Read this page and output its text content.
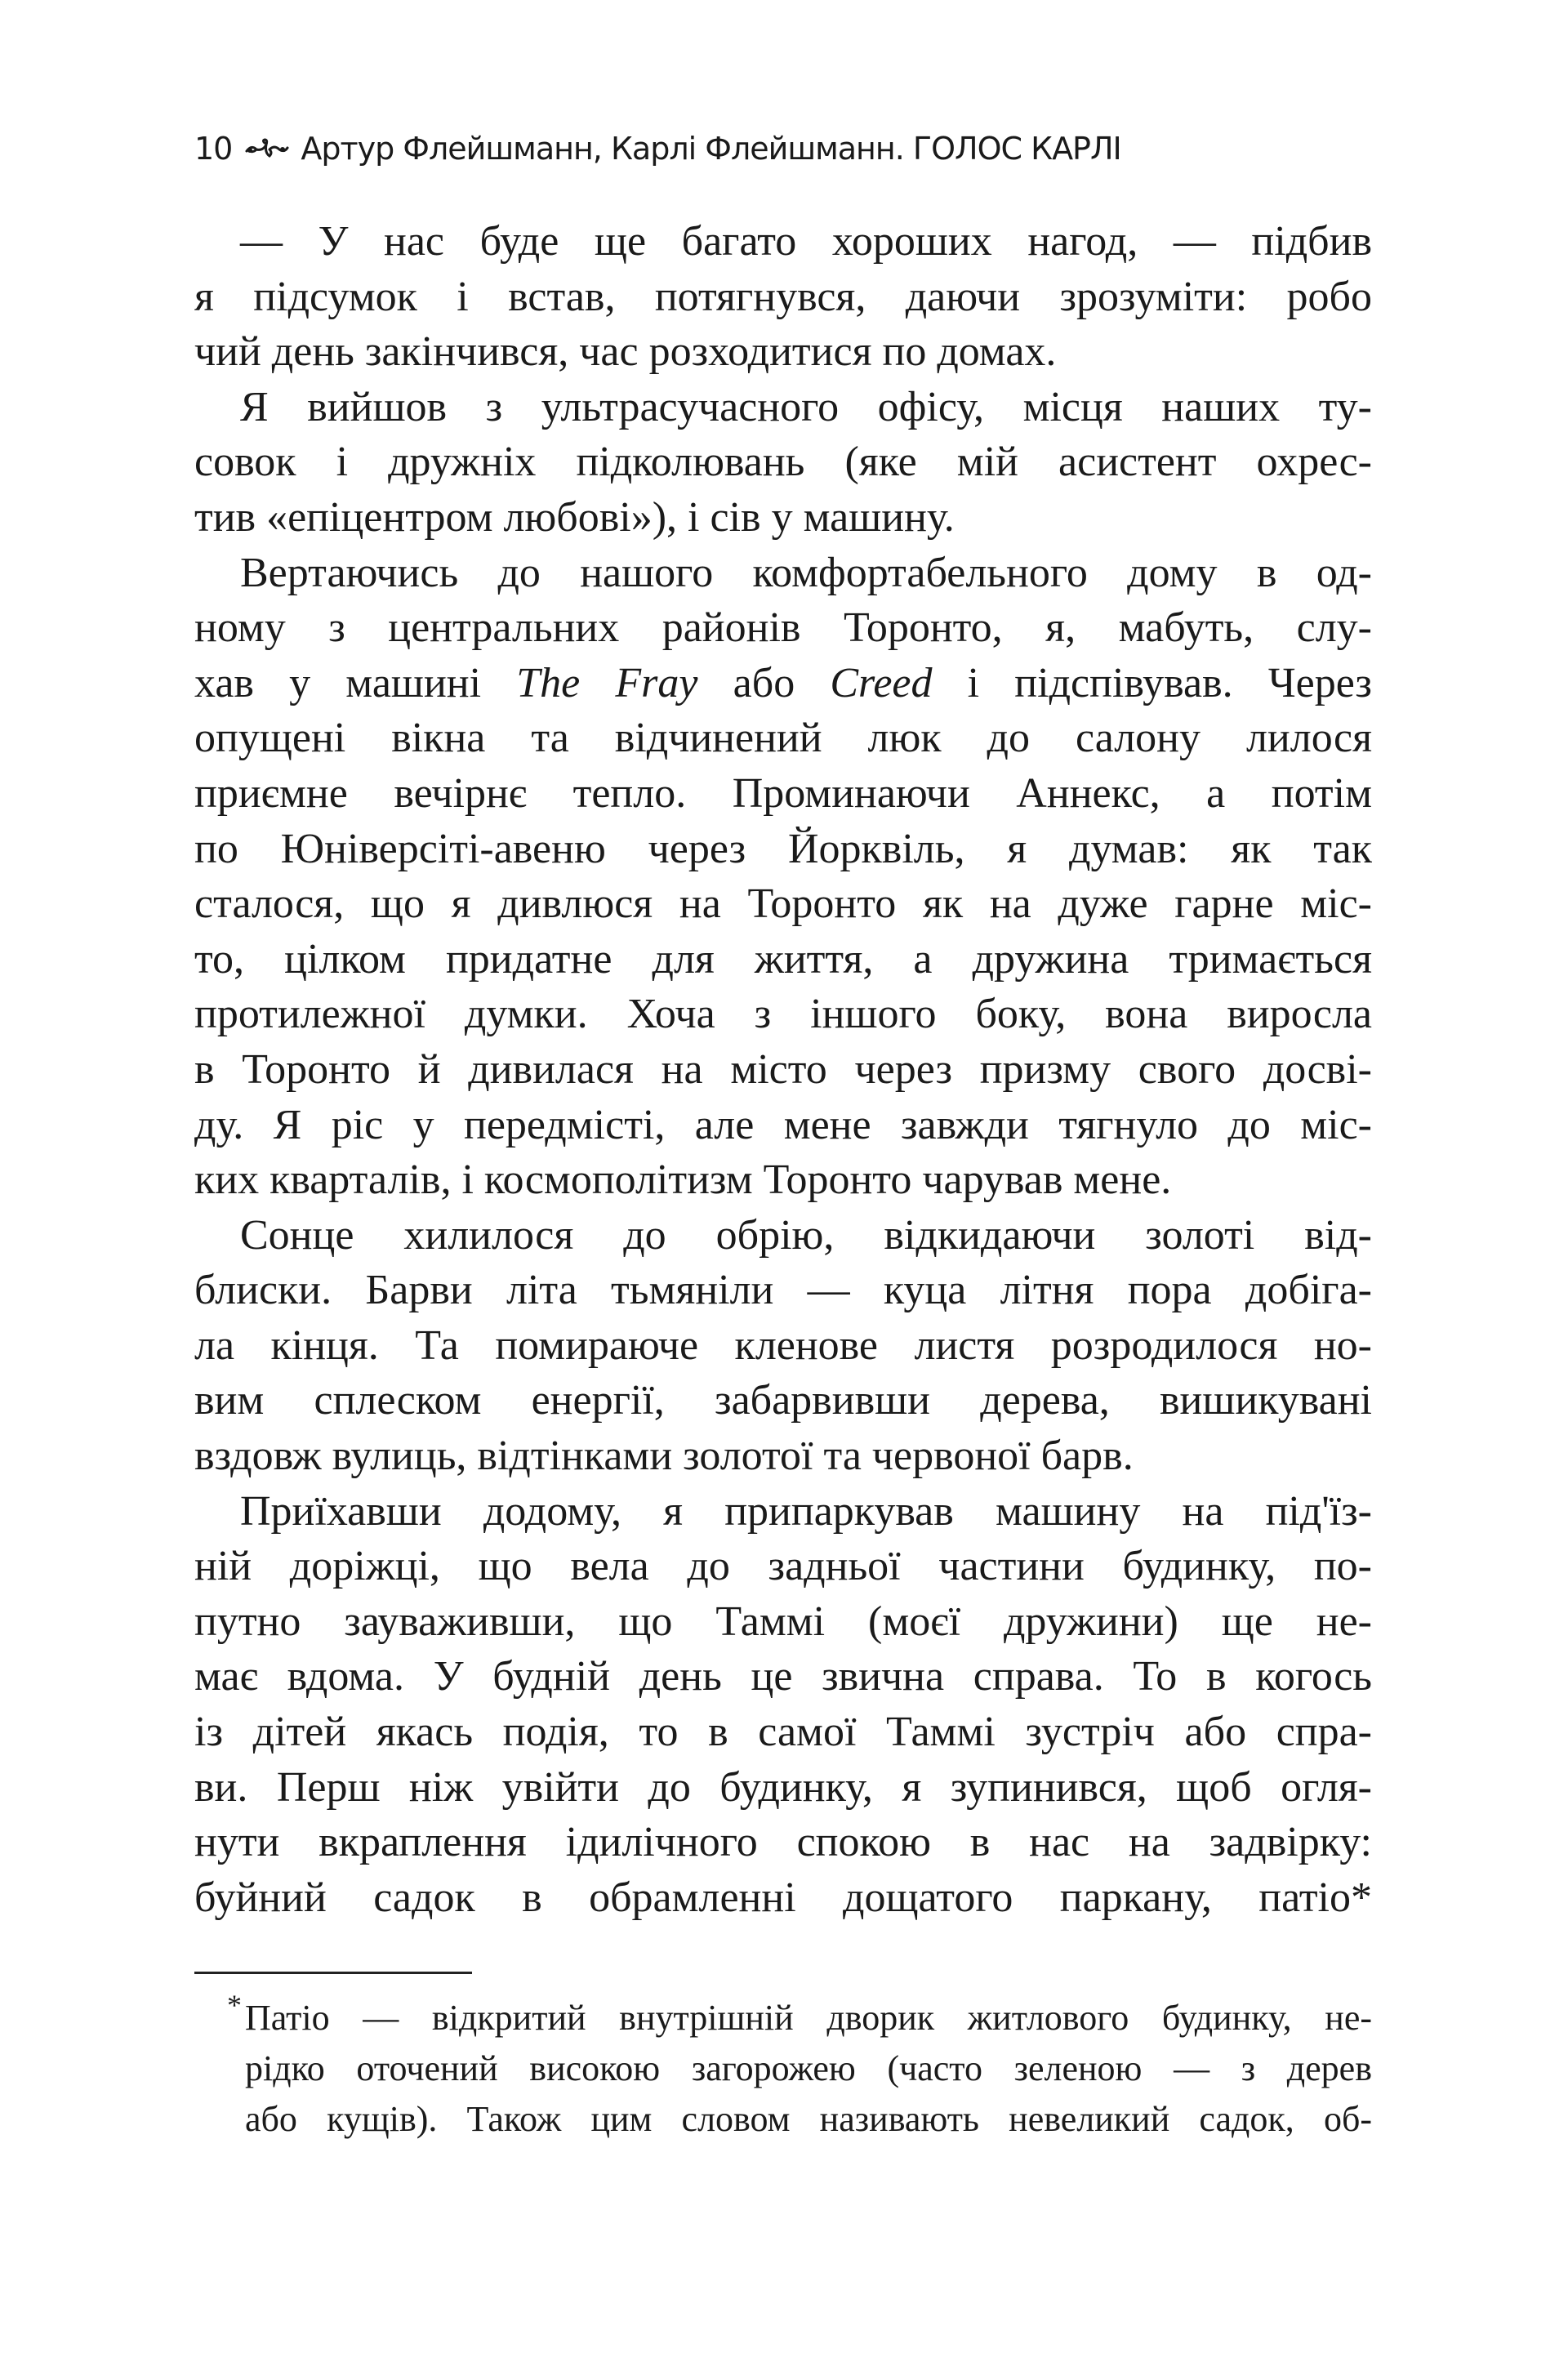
10 Артур Флейшманн, Карлі Флейшманн. ГОЛОС КАРЛІ
— У нас буде ще багато хороших нагод, — підбив
я підсумок і встав, потягнувся, даючи зрозуміти: робо
чий день закінчився, час розходитися по домах.
Я вийшов з ультрасучасного офісу, місця наших ту-
совок і дружніх підколювань (яке мій асистент охрес-
тив «епіцентром любові»), і сів у машину.
Вертаючись до нашого комфортабельного дому в од-
ному з центральних районів Торонто, я, мабуть, слу-
хав у машині The Fray або Creed і підспівував. Через
опущені вікна та відчинений люк до салону лилося
приємне вечірнє тепло. Проминаючи Аннекс, а потім
по Юніверсіті-авеню через Йорквіль, я думав: як так
сталося, що я дивлюся на Торонто як на дуже гарне міс-
то, цілком придатне для життя, а дружина тримається
протилежної думки. Хоча з іншого боку, вона виросла
в Торонто й дивилася на місто через призму свого досві-
ду. Я ріс у передмісті, але мене завжди тягнуло до міс-
ких кварталів, і космополітизм Торонто чарував мене.
Сонце хилилося до обрію, відкидаючи золоті від-
блиски. Барви літа тьмяніли — куца літня пора добіга-
ла кінця. Та помираюче кленове листя розродилося но-
вим сплеском енергії, забарвивши дерева, вишикувані
вздовж вулиць, відтінками золотої та червоної барв.
Приїхавши додому, я припаркував машину на під'їз-
ній доріжці, що вела до задньої частини будинку, по-
путно зауваживши, що Таммі (моєї дружини) ще не-
має вдома. У будній день це звична справа. То в когось
із дітей якась подія, то в самої Таммі зустріч або спра-
ви. Перш ніж увійти до будинку, я зупинився, щоб огля-
нути вкраплення ідилічного спокою в нас на задвірку:
буйний садок в обрамленні дощатого паркану, патіо*
* Патіо — відкритий внутрішній дворик житлового будинку, не-
рідко оточений високою загорожею (часто зеленою — з дерев
або кущів). Також цим словом називають невеликий садок, об-
